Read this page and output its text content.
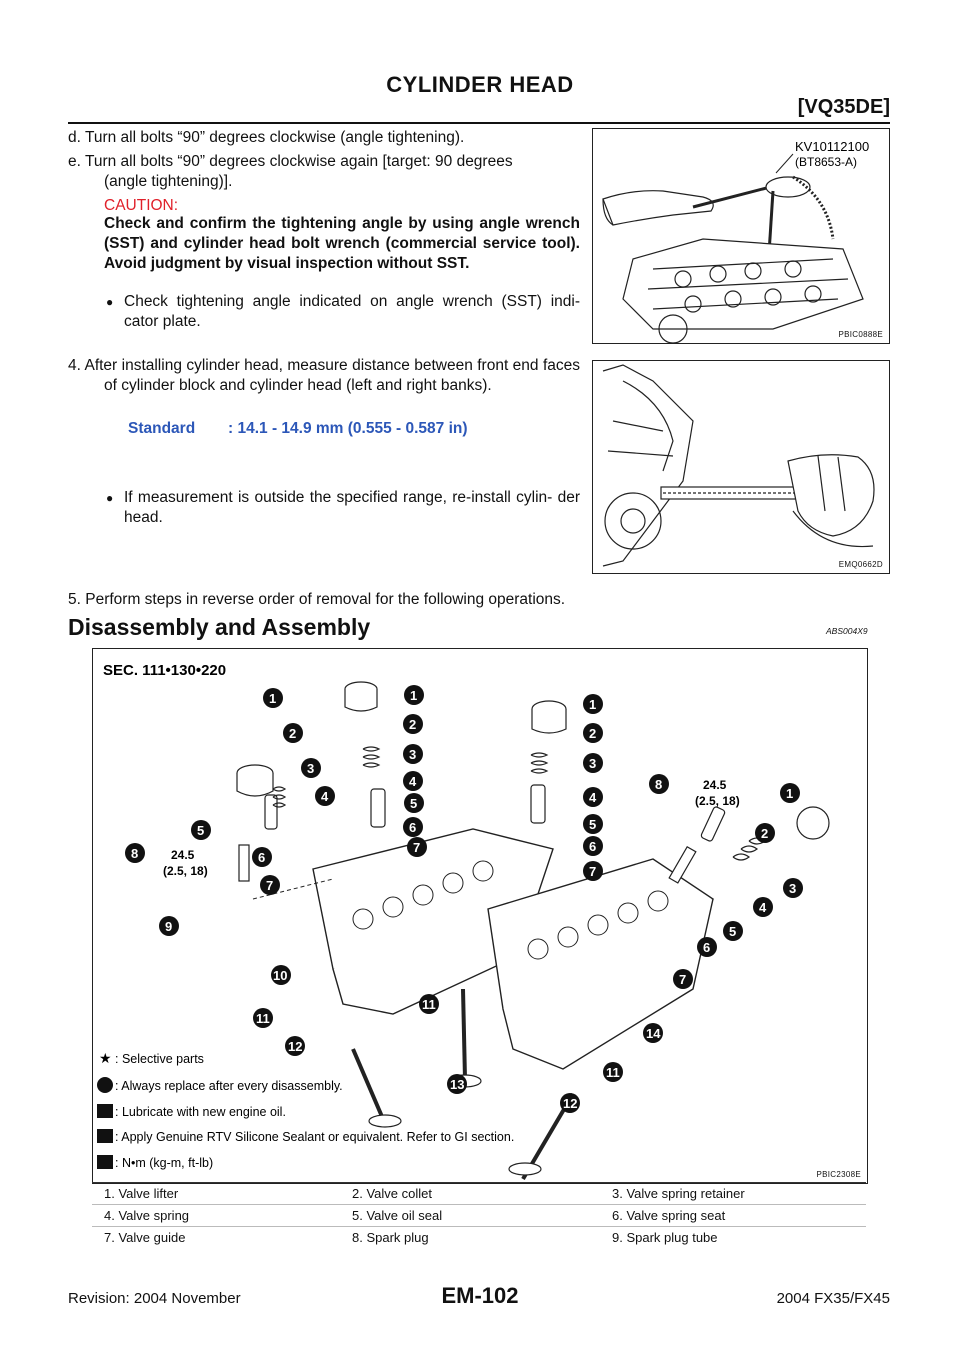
CYLINDER HEAD
[VQ35DE]
d. Turn all bolts “90” degrees clockwise (angle tightening).
e. Turn all bolts “90” degrees clockwise again [target: 90 degrees
(angle tightening)].
CAUTION:
Check and confirm the tightening angle by using angle wrench (SST) and cylinder head bolt wrench (commercial service tool). Avoid judgment by visual inspection without SST.
● Check tightening angle indicated on angle wrench (SST) indi- cator plate.
KV10112100
(BT8653-A)
PBIC0888E
4. After installing cylinder head, measure distance between front end faces of cylinder block and cylinder head (left and right banks).
Standard : 14.1 - 14.9 mm (0.555 - 0.587 in)
● If measurement is outside the specified range, re-install cylin- der head.
EMQ0662D
5. Perform steps in reverse order of removal for the following operations.
Disassembly and Assembly	ABS004X9
SEC. 111•130•220
1
2
3
4
5
6
7
8
9
10
11
12
1
2
3
4
5
6
7
11
13
1
2
3
4
5
6
7
8
1
2
3
4
5
6
7
14
11
12
24.5
(2.5, 18)
24.5
(2.5, 18)
★ : Selective parts
: Always replace after every disassembly.
: Lubricate with new engine oil.
: Apply Genuine RTV Silicone Sealant or equivalent. Refer to GI section.
: N•m (kg-m, ft-lb)
PBIC2308E
1. Valve lifter	2. Valve collet	3. Valve spring retainer
4. Valve spring	5. Valve oil seal	6. Valve spring seat
7. Valve guide	8. Spark plug	9. Spark plug tube
EM-102
Revision: 2004 November	2004 FX35/FX45
